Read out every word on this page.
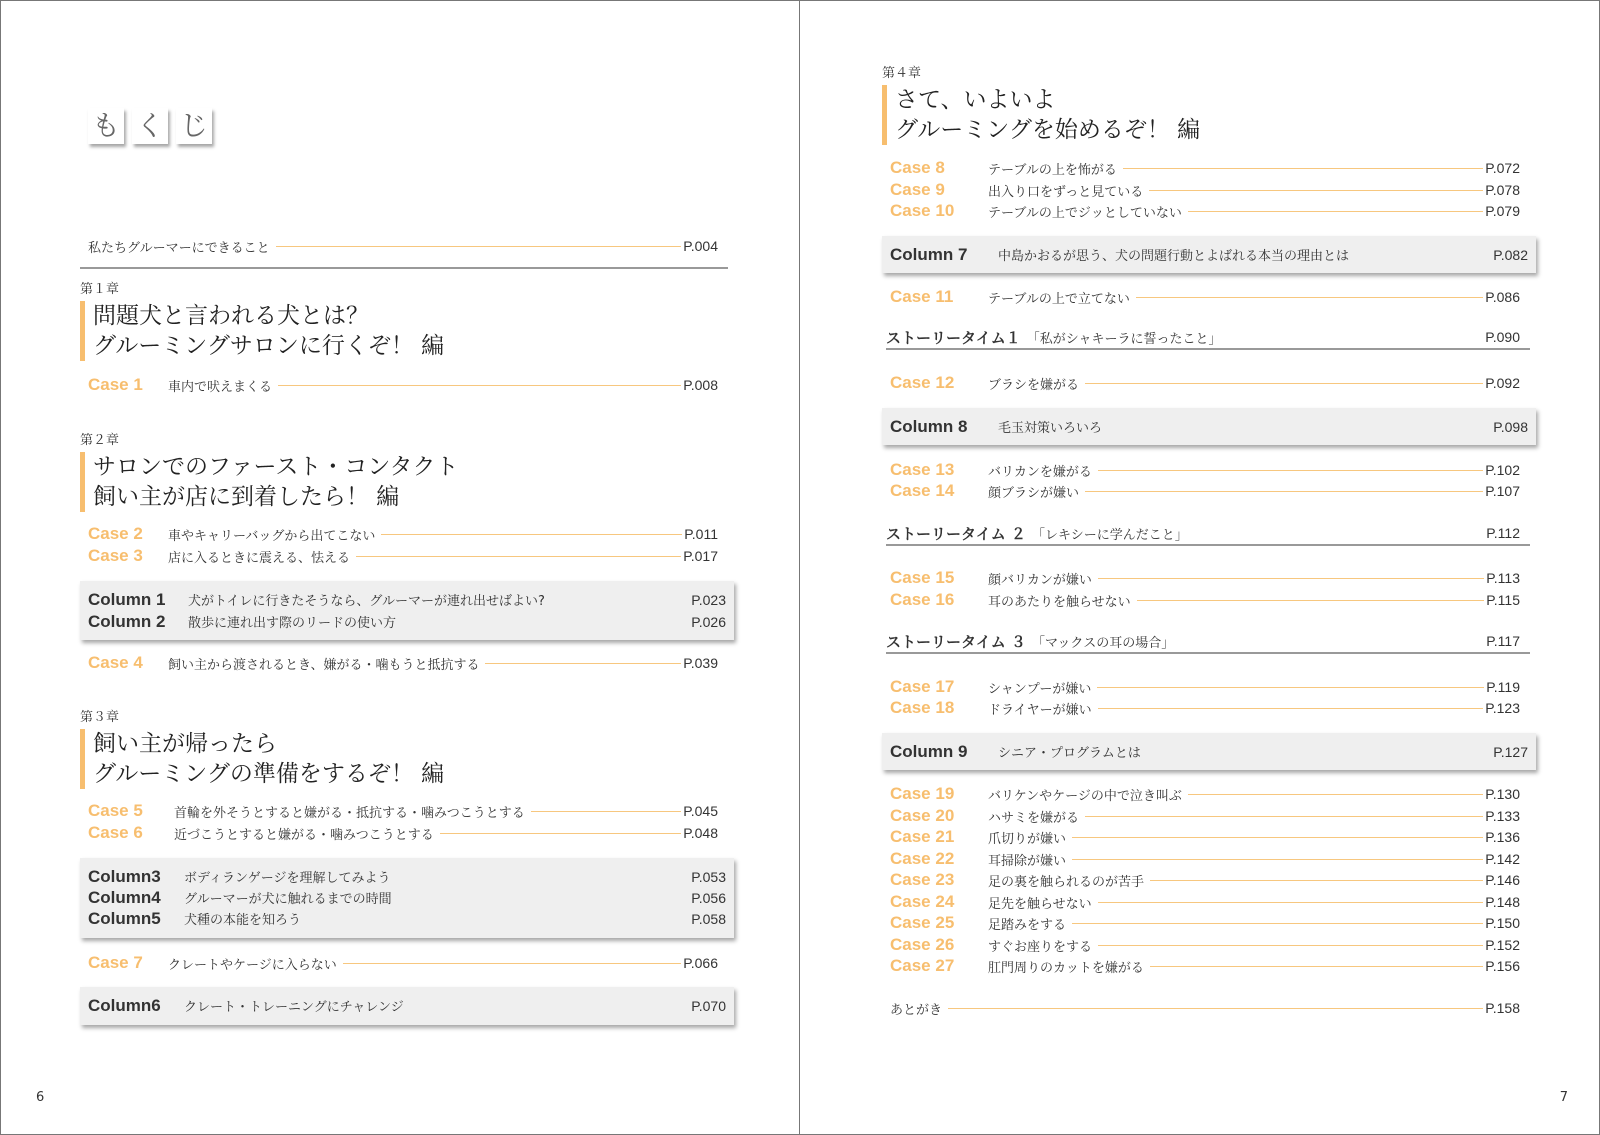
も く じ
私たちグルーマーにできること	P.004
第１章
問題犬と言われる犬とは？
グルーミングサロンに行くぞ！ 編
Case 1	車内で吠えまくる	P.008
第２章
サロンでのファースト・コンタクト
飼い主が店に到着したら！ 編
Case 2	車やキャリーバッグから出てこない	P.011
Case 3	店に入るときに震える、怯える	P.017
Column 1	犬がトイレに行きたそうなら、グルーマーが連れ出せばよい?	P.023
Column 2	散歩に連れ出す際のリードの使い方	P.026
Case 4	飼い主から渡されるとき、嫌がる・噛もうと抵抗する	P.039
第３章
飼い主が帰ったら
グルーミングの準備をするぞ！ 編
Case 5	首輪を外そうとすると嫌がる・抵抗する・噛みつこうとする	P.045
Case 6	近づこうとすると嫌がる・噛みつこうとする	P.048
Column3	ボディランゲージを理解してみよう	P.053
Column4	グルーマーが犬に触れるまでの時間	P.056
Column5	犬種の本能を知ろう	P.058
Case 7	クレートやケージに入らない	P.066
Column6	クレート・トレーニングにチャレンジ	P.070
6
第４章
さて、いよいよ
グルーミングを始めるぞ！ 編
Case 8	テーブルの上を怖がる	P.072
Case 9	出入り口をずっと見ている	P.078
Case 10	テーブルの上でジッとしていない	P.079
Column 7	中島かおるが思う、犬の問題行動とよばれる本当の理由とは	P.082
Case 11	テーブルの上で立てない	P.086
ストーリータイム１ 「私がシャキーラに誓ったこと」	P.090
Case 12	ブラシを嫌がる	P.092
Column 8	毛玉対策いろいろ	P.098
Case 13	バリカンを嫌がる	P.102
Case 14	顔ブラシが嫌い	P.107
ストーリータイム ２ 「レキシーに学んだこと」	P.112
Case 15	顔バリカンが嫌い	P.113
Case 16	耳のあたりを触らせない	P.115
ストーリータイム ３ 「マックスの耳の場合」	P.117
Case 17	シャンプーが嫌い	P.119
Case 18	ドライヤーが嫌い	P.123
Column 9	シニア・プログラムとは	P.127
Case 19	バリケンやケージの中で泣き叫ぶ	P.130
Case 20	ハサミを嫌がる	P.133
Case 21	爪切りが嫌い	P.136
Case 22	耳掃除が嫌い	P.142
Case 23	足の裏を触られるのが苦手	P.146
Case 24	足先を触らせない	P.148
Case 25	足踏みをする	P.150
Case 26	すぐお座りをする	P.152
Case 27	肛門周りのカットを嫌がる	P.156
あとがき	P.158
7
